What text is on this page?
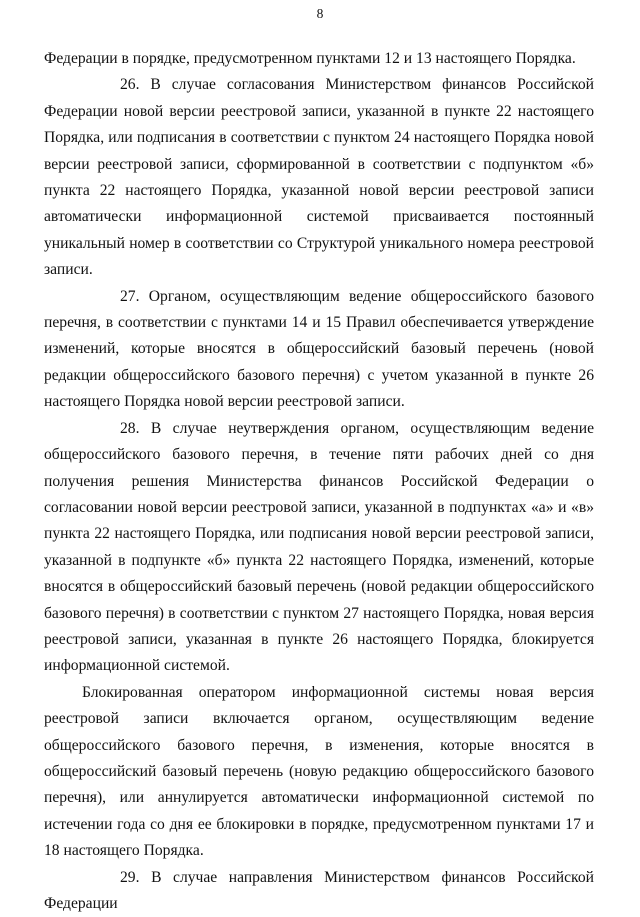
8

Федерации в порядке, предусмотренном пунктами 12 и 13 настоящего Порядка.

26. В случае согласования Министерством финансов Российской Федерации новой версии реестровой записи, указанной в пункте 22 настоящего Порядка, или подписания в соответствии с пунктом 24 настоящего Порядка новой версии реестровой записи, сформированной в соответствии с подпунктом «б» пункта 22 настоящего Порядка, указанной новой версии реестровой записи автоматически информационной системой присваивается постоянный уникальный номер в соответствии со Структурой уникального номера реестровой записи.

27. Органом, осуществляющим ведение общероссийского базового перечня, в соответствии с пунктами 14 и 15 Правил обеспечивается утверждение изменений, которые вносятся в общероссийский базовый перечень (новой редакции общероссийского базового перечня) с учетом указанной в пункте 26 настоящего Порядка новой версии реестровой записи.

28. В случае неутверждения органом, осуществляющим ведение общероссийского базового перечня, в течение пяти рабочих дней со дня получения решения Министерства финансов Российской Федерации о согласовании новой версии реестровой записи, указанной в подпунктах «а» и «в» пункта 22 настоящего Порядка, или подписания новой версии реестровой записи, указанной в подпункте «б» пункта 22 настоящего Порядка, изменений, которые вносятся в общероссийский базовый перечень (новой редакции общероссийского базового перечня) в соответствии с пунктом 27 настоящего Порядка, новая версия реестровой записи, указанная в пункте 26 настоящего Порядка, блокируется информационной системой.

Блокированная оператором информационной системы новая версия реестровой записи включается органом, осуществляющим ведение общероссийского базового перечня, в изменения, которые вносятся в общероссийский базовый перечень (новую редакцию общероссийского базового перечня), или аннулируется автоматически информационной системой по истечении года со дня ее блокировки в порядке, предусмотренном пунктами 17 и 18 настоящего Порядка.

29. В случае направления Министерством финансов Российской Федерации
